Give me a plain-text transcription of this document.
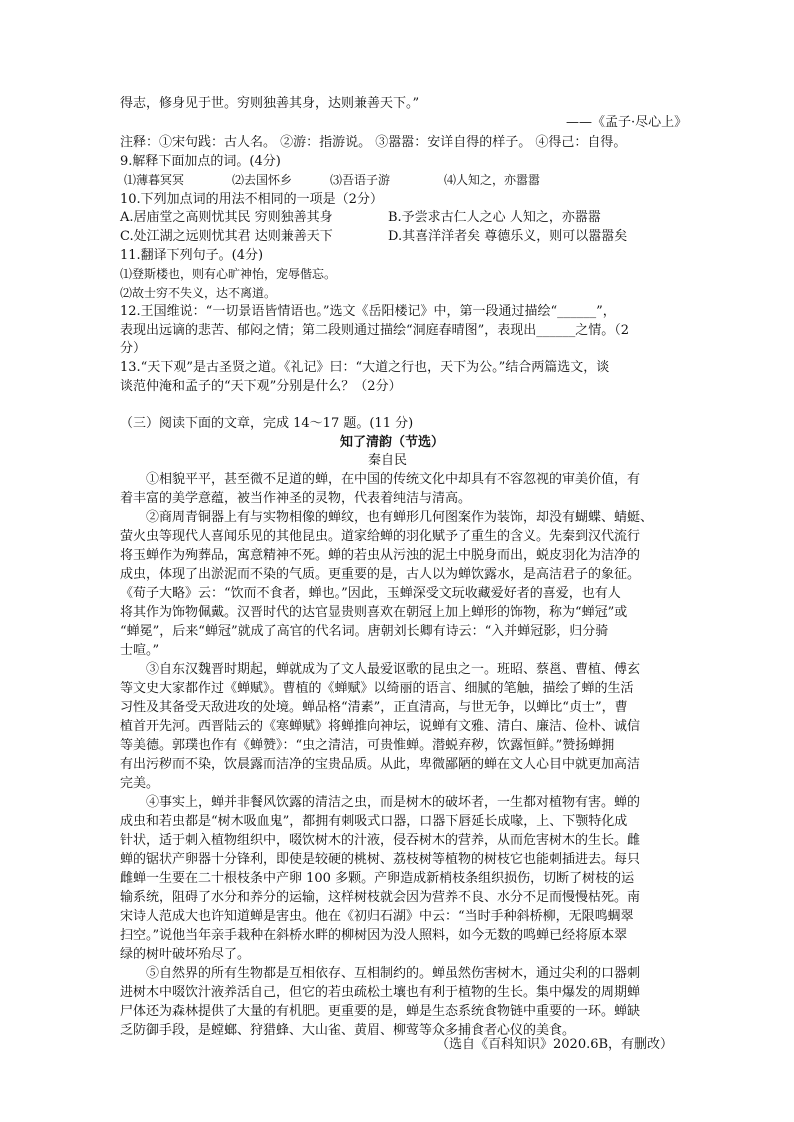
得志，修身见于世。穷则独善其身，达则兼善天下。”
——《孟子·尽心上》
注释：①宋句践：古人名。 ②游：指游说。 ③嚣嚣：安详自得的样子。 ④得己：自得。
9.解释下面加点的词。(4分)
⑴薄暮冥冥	⑵去国怀乡	⑶吾语子游	⑷人知之，亦嚣嚣
10.下列加点词的用法不相同的一项是（2分）
A.居庙堂之高则忧其民 穷则独善其身	B.予尝求古仁人之心 人知之，亦嚣嚣
C.处江湖之远则忧其君 达则兼善天下	D.其喜洋洋者矣 尊德乐义，则可以嚣嚣矣
11.翻译下列句子。(4分)
⑴登斯楼也，则有心旷神怡，宠辱偕忘。
⑵故士穷不失义，达不离道。
12.王国维说：“一切景语皆情语也。”选文《岳阳楼记》中，第一段通过描绘“______”，
表现出远谪的悲苦、郁闷之情；第二段则通过描绘“洞庭春晴图”，表现出______之情。（2
分）
13.“天下观”是古圣贤之道。《礼记》曰：“大道之行也，天下为公。”结合两篇选文，谈
谈范仲淹和孟子的“天下观”分别是什么？（2分）
（三）阅读下面的文章，完成 14～17 题。(11 分)
知了清韵（节选）
秦自民
①相貌平平，甚至微不足道的蝉，在中国的传统文化中却具有不容忽视的审美价值，有
着丰富的美学意蕴，被当作神圣的灵物，代表着纯洁与清高。
②商周青铜器上有与实物相像的蝉纹，也有蝉形几何图案作为装饰，却没有蝴蝶、蜻蜓、
萤火虫等现代人喜闻乐见的其他昆虫。道家给蝉的羽化赋予了重生的含义。先秦到汉代流行
将玉蝉作为殉葬品，寓意精神不死。蝉的若虫从污浊的泥土中脱身而出，蜕皮羽化为洁净的
成虫，体现了出淤泥而不染的气质。更重要的是，古人以为蝉饮露水，是高洁君子的象征。
《荀子大略》云：“饮而不食者，蝉也。”因此，玉蝉深受文玩收藏爱好者的喜爱，也有人
将其作为饰物佩戴。汉晋时代的达官显贵则喜欢在朝冠上加上蝉形的饰物，称为“蝉冠”或
“蝉冕”，后来“蝉冠”就成了高官的代名词。唐朝刘长卿有诗云：“入并蝉冠影，归分骑
士喧。”
③自东汉魏晋时期起，蝉就成为了文人最爱讴歌的昆虫之一。班昭、蔡邕、曹植、傅玄
等文史大家都作过《蝉赋》。曹植的《蝉赋》以绮丽的语言、细腻的笔触，描绘了蝉的生活
习性及其备受天敌进攻的处境。蝉品格“清素”，正直清高，与世无争，以蝉比“贞士”，曹
植首开先河。西晋陆云的《寒蝉赋》将蝉推向神坛，说蝉有文雅、清白、廉洁、俭朴、诚信
等美德。郭璞也作有《蝉赞》：“虫之清洁，可贵惟蝉。潜蜕弃秽，饮露恒鲜。”赞扬蝉拥
有出污秽而不染，饮晨露而洁净的宝贵品质。从此，卑微鄙陋的蝉在文人心目中就更加高洁
完美。
④事实上，蝉并非餐风饮露的清洁之虫，而是树木的破坏者，一生都对植物有害。蝉的
成虫和若虫都是“树木吸血鬼”，都拥有刺吸式口器，口器下唇延长成喙，上、下颚特化成
针状，适于刺入植物组织中，啜饮树木的汁液，侵吞树木的营养，从而危害树木的生长。雌
蝉的锯状产卵器十分锋利，即使是较硬的桃树、荔枝树等植物的树枝它也能刺插进去。每只
雌蝉一生要在二十根枝条中产卵 100 多颗。产卵造成新梢枝条组织损伤，切断了树枝的运
输系统，阻碍了水分和养分的运输，这样树枝就会因为营养不良、水分不足而慢慢枯死。南
宋诗人范成大也许知道蝉是害虫。他在《初归石湖》中云：“当时手种斜桥柳，无限鸣蜩翠
扫空。”说他当年亲手栽种在斜桥水畔的柳树因为没人照料，如今无数的鸣蝉已经将原本翠
绿的树叶破坏殆尽了。
⑤自然界的所有生物都是互相依存、互相制约的。蝉虽然伤害树木，通过尖利的口器刺
进树木中啜饮汁液养活自己，但它的若虫疏松土壤也有利于植物的生长。集中爆发的周期蝉
尸体还为森林提供了大量的有机肥。更重要的是，蝉是生态系统食物链中重要的一环。蝉缺
乏防御手段，是螳螂、狩猎蜂、大山雀、黄眉、柳莺等众多捕食者心仪的美食。
（选自《百科知识》2020.6B，有删改）
